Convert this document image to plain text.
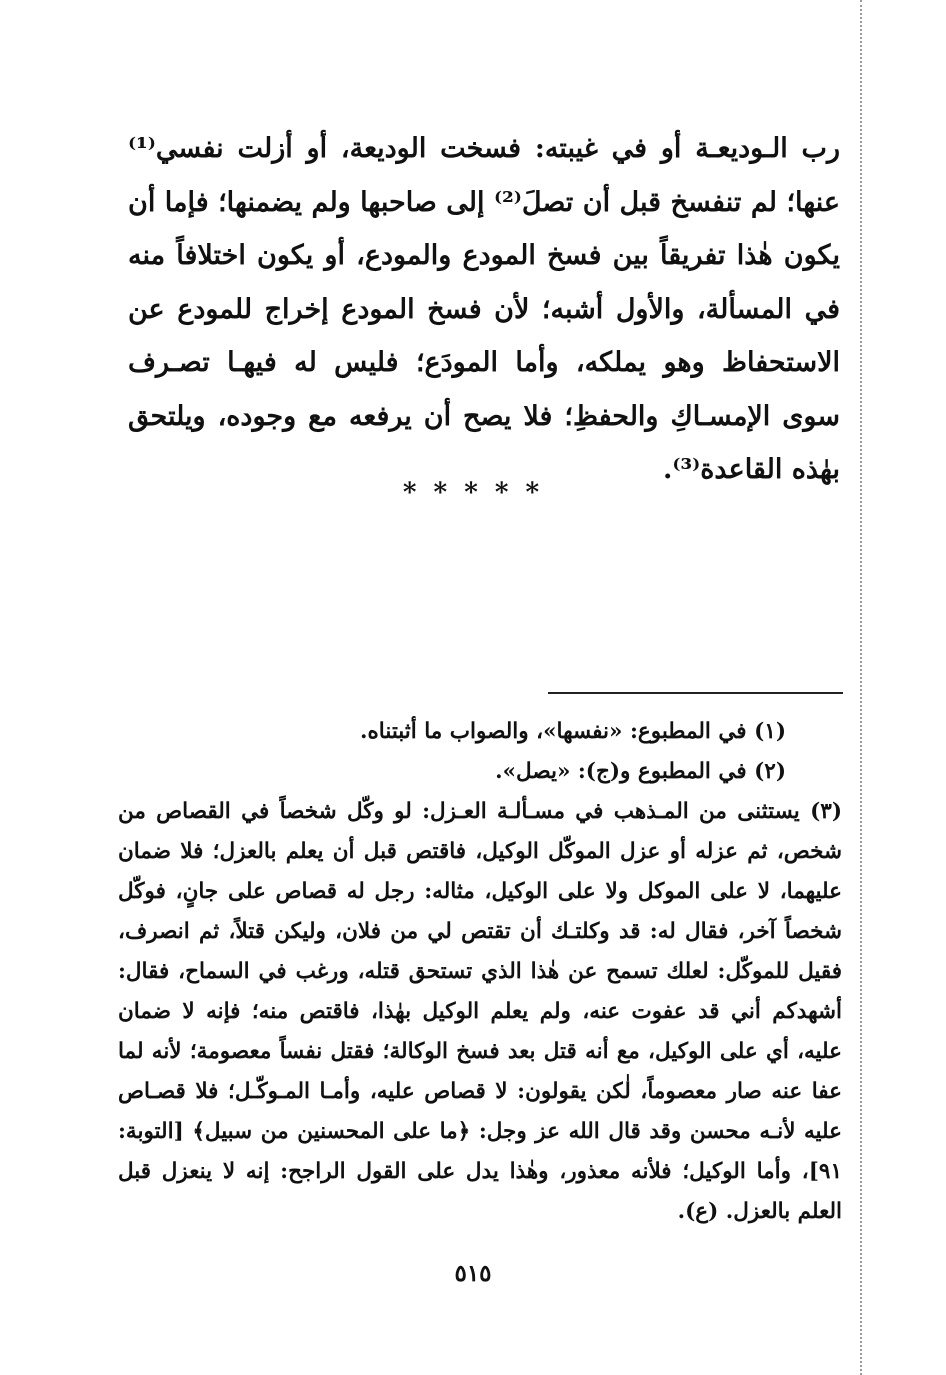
رب الـوديعـة أو في غيبته: فسخت الوديعة، أو أزلت نفسي⁽¹⁾ عنها؛ لم تنفسخ قبل أن تصلَ⁽²⁾ إلى صاحبها ولم يضمنها؛ فإما أن يكون هٰذا تفريقاً بين فسخ المودع والمودع، أو يكون اختلافاً منه في المسألة، والأول أشبه؛ لأن فسخ المودع إخراج للمودع عن الاستحفاظ وهو يملكه، وأما المودَع؛ فليس له فيهـا تصـرف سوى الإمسـاكِ والحفظِ؛ فلا يصح أن يرفعه مع وجوده، ويلتحق بهٰذه القاعدة⁽³⁾.

* * * * *

(١) في المطبوع: «نفسها»، والصواب ما أثبتناه.

(٢) في المطبوع و(ج): «يصل».

(٣) يستثنى من المـذهب في مسـألـة العـزل: لو وكّل شخصاً في القصاص من شخص، ثم عزله أو عزل الموكّل الوكيل، فاقتص قبل أن يعلم بالعزل؛ فلا ضمان عليهما، لا على الموكل ولا على الوكيل، مثاله: رجل له قصاص على جانٍ، فوكّل شخصاً آخر، فقال له: قد وكلتـك أن تقتص لي من فلان، وليكن قتلاً، ثم انصرف، فقيل للموكّل: لعلك تسمح عن هٰذا الذي تستحق قتله، ورغب في السماح، فقال: أشهدكم أني قد عفوت عنه، ولم يعلم الوكيل بهٰذا، فاقتص منه؛ فإنه لا ضمان عليه، أي على الوكيل، مع أنه قتل بعد فسخ الوكالة؛ فقتل نفساً معصومة؛ لأنه لما عفا عنه صار معصوماً، لٰكن يقولون: لا قصاص عليه، وأمـا المـوكّـل؛ فلا قصـاص عليه لأنـه محسن وقد قال الله عز وجل: ﴿ما على المحسنين من سبيل﴾ [التوبة: ٩١]، وأما الوكيل؛ فلأنه معذور، وهٰذا يدل على القول الراجح: إنه لا ينعزل قبل العلم بالعزل. (ع).

٥١٥
